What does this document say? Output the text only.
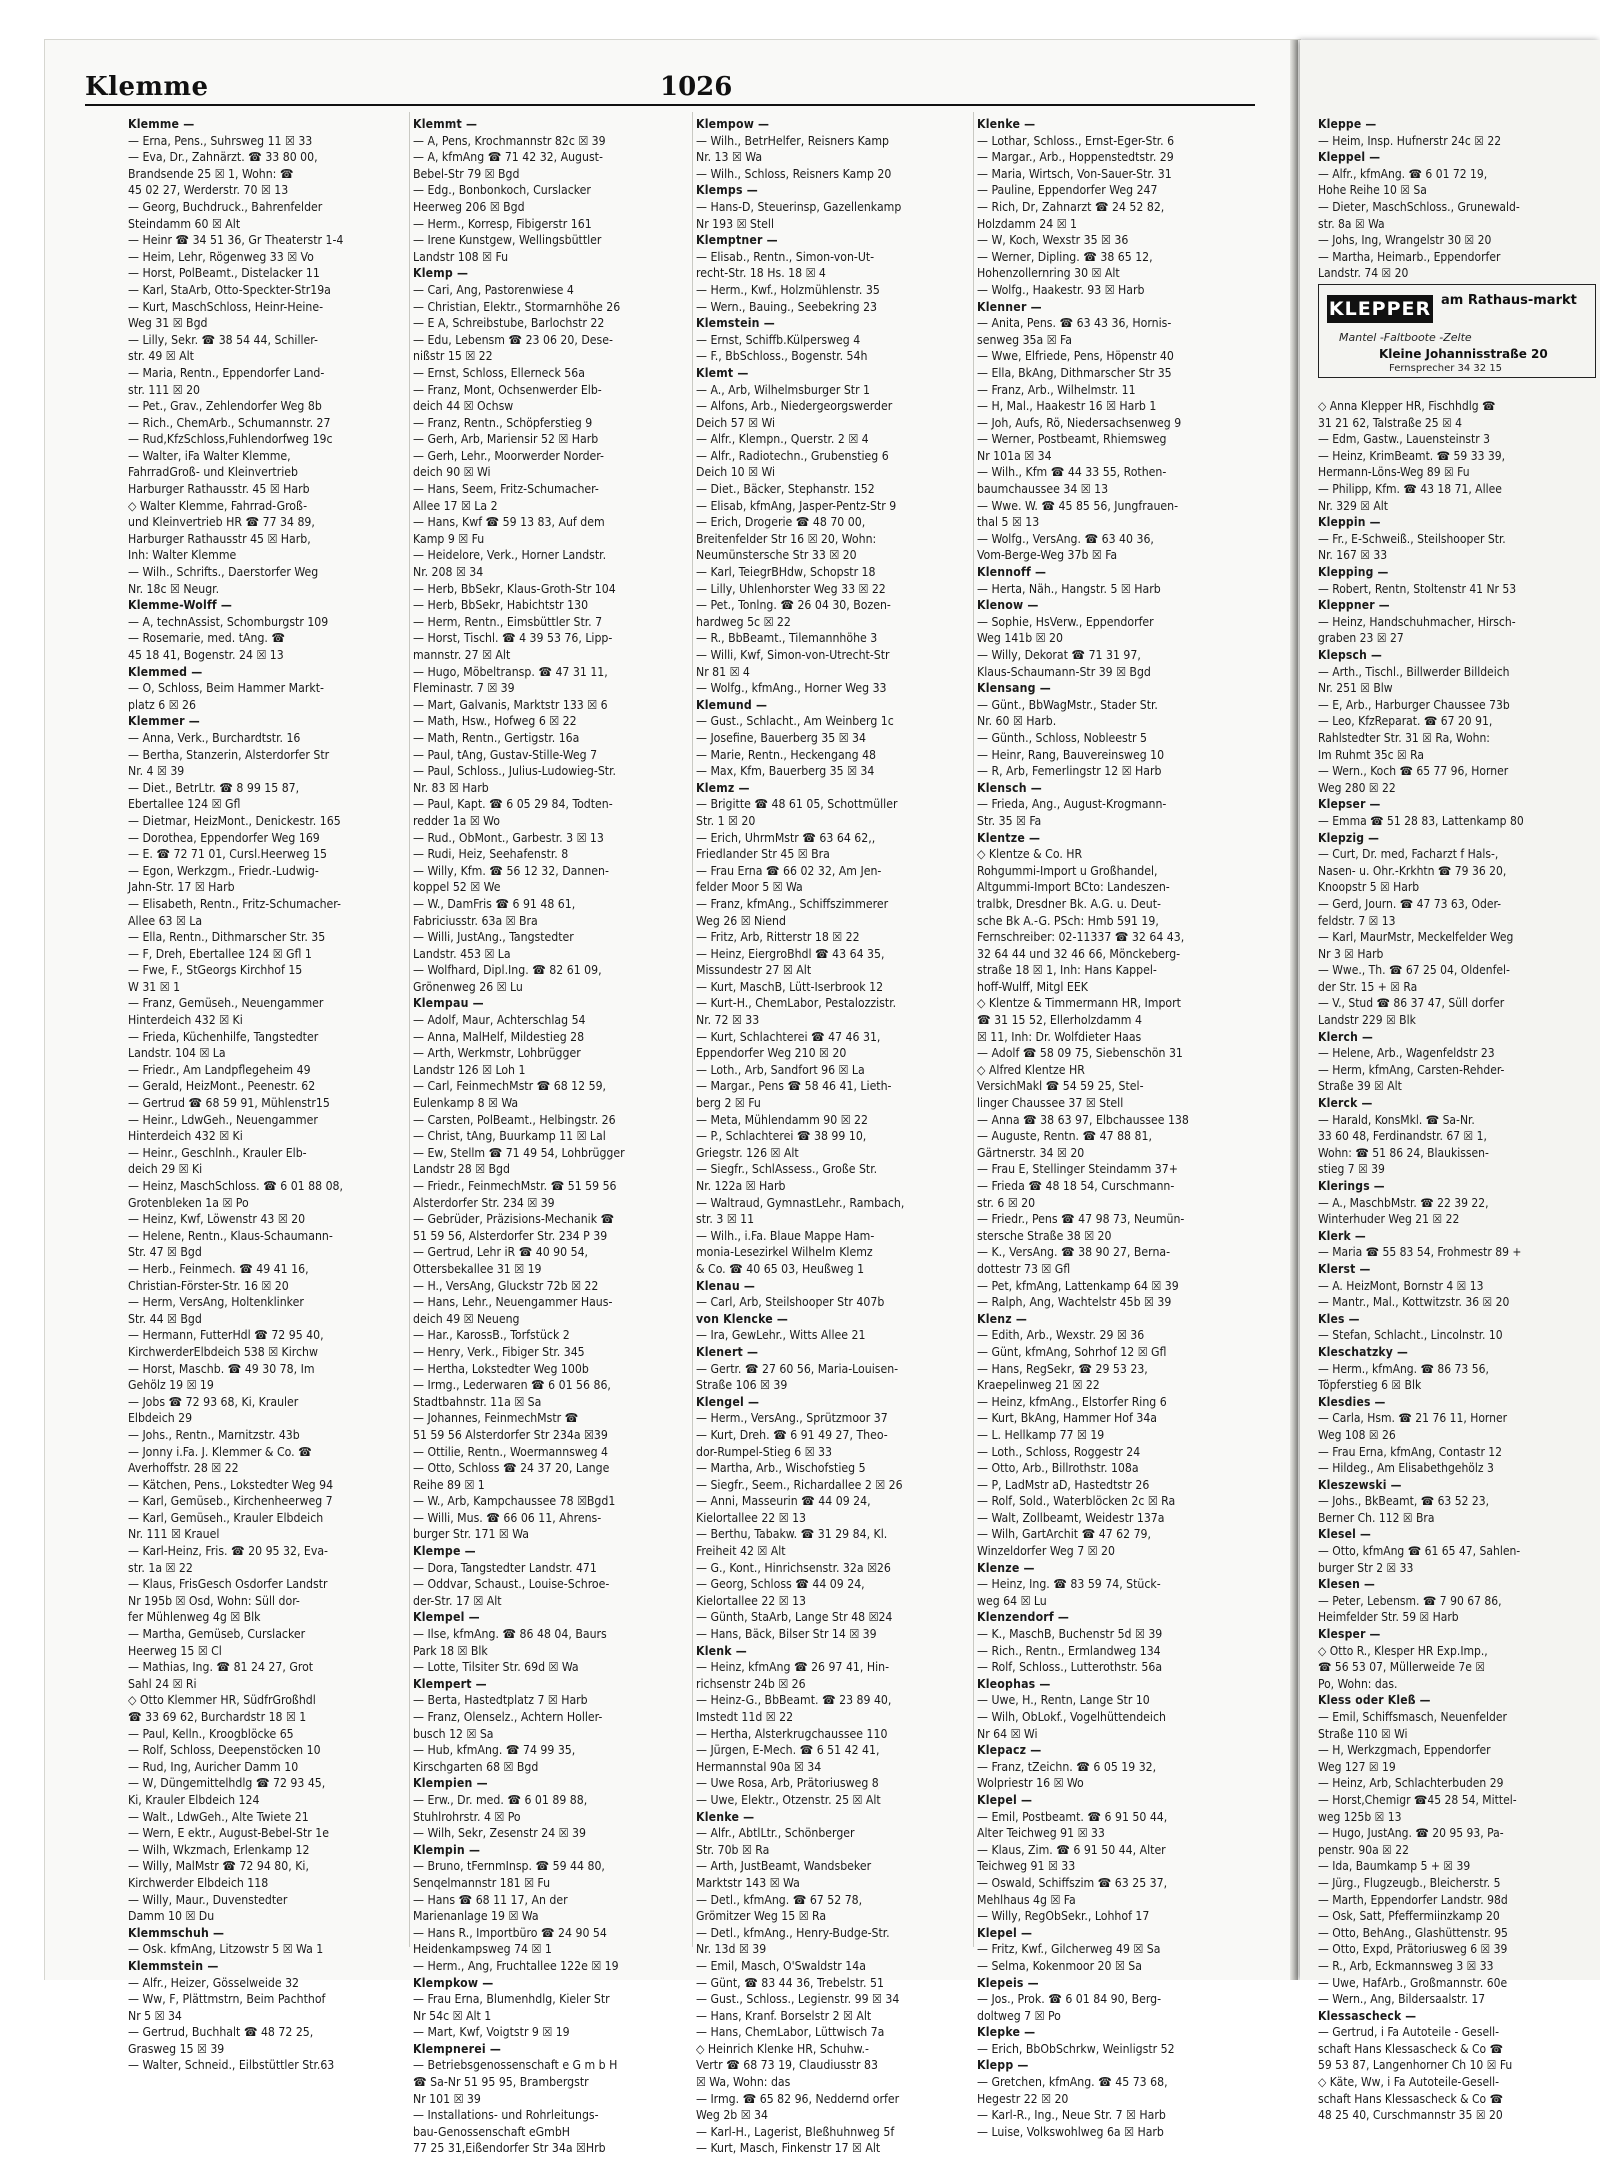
Klemme	1026
Klemme —
— Erna, Pens., Suhrsweg 11 ☒ 33
— Eva, Dr., Zahnärzt. ☎ 33 80 00,
Brandsende 25 ☒ 1, Wohn: ☎
45 02 27, Werderstr. 70 ☒ 13
— Georg, Buchdruck., Bahrenfelder
Steindamm 60 ☒ Alt
— Heinr ☎ 34 51 36, Gr Theaterstr 1-4
— Heim, Lehr, Rögenweg 33 ☒ Vo
— Horst, PolBeamt., Distelacker 11
— Karl, StaArb, Otto-Speckter-Str19a
— Kurt, MaschSchloss, Heinr-Heine-
Weg 31 ☒ Bgd
— Lilly, Sekr. ☎ 38 54 44, Schiller-
str. 49 ☒ Alt
— Maria, Rentn., Eppendorfer Land-
str. 111 ☒ 20
— Pet., Grav., Zehlendorfer Weg 8b
— Rich., ChemArb., Schumannstr. 27
— Rud,KfzSchloss,Fuhlendorfweg 19c
— Walter, iFa Walter Klemme,
FahrradGroß- und Kleinvertrieb
Harburger Rathausstr. 45 ☒ Harb
◇ Walter Klemme, Fahrrad-Groß-
und Kleinvertrieb HR ☎ 77 34 89,
Harburger Rathausstr 45 ☒ Harb,
Inh: Walter Klemme
— Wilh., Schrifts., Daerstorfer Weg
Nr. 18c ☒ Neugr.
Klemme-Wolff —
— A, technAssist, Schomburgstr 109
— Rosemarie, med. tAng. ☎
45 18 41, Bogenstr. 24 ☒ 13
Klemmed —
— O, Schloss, Beim Hammer Markt-
platz 6 ☒ 26
Klemmer —
— Anna, Verk., Burchardtstr. 16
— Bertha, Stanzerin, Alsterdorfer Str
Nr. 4 ☒ 39
— Diet., BetrLtr. ☎ 8 99 15 87,
Ebertallee 124 ☒ Gfl
— Dietmar, HeizMont., Denickestr. 165
— Dorothea, Eppendorfer Weg 169
— E. ☎ 72 71 01, Cursl.Heerweg 15
— Egon, Werkzgm., Friedr.-Ludwig-
Jahn-Str. 17 ☒ Harb
— Elisabeth, Rentn., Fritz-Schumacher-
Allee 63 ☒ La
— Ella, Rentn., Dithmarscher Str. 35
— F, Dreh, Ebertallee 124 ☒ Gfl 1
— Fwe, F., StGeorgs Kirchhof 15
W 31 ☒ 1
— Franz, Gemüseh., Neuengammer
Hinterdeich 432 ☒ Ki
— Frieda, Küchenhilfe, Tangstedter
Landstr. 104 ☒ La
— Friedr., Am Landpflegeheim 49
— Gerald, HeizMont., Peenestr. 62
— Gertrud ☎ 68 59 91, Mühlenstr15
— Heinr., LdwGeh., Neuengammer
Hinterdeich 432 ☒ Ki
— Heinr., Geschlnh., Krauler Elb-
deich 29 ☒ Ki
— Heinz, MaschSchloss. ☎ 6 01 88 08,
Grotenbleken 1a ☒ Po
— Heinz, Kwf, Löwenstr 43 ☒ 20
— Helene, Rentn., Klaus-Schaumann-
Str. 47 ☒ Bgd
— Herb., Feinmech. ☎ 49 41 16,
Christian-Förster-Str. 16 ☒ 20
— Herm, VersAng, Holtenklinker
Str. 44 ☒ Bgd
— Hermann, FutterHdl ☎ 72 95 40,
KirchwerderElbdeich 538 ☒ Kirchw
— Horst, Maschb. ☎ 49 30 78, Im
Gehölz 19 ☒ 19
— Jobs ☎ 72 93 68, Ki, Krauler
Elbdeich 29
— Johs., Rentn., Marnitzstr. 43b
— Jonny i.Fa. J. Klemmer & Co. ☎
Averhoffstr. 28 ☒ 22
— Kätchen, Pens., Lokstedter Weg 94
— Karl, Gemüseb., Kirchenheerweg 7
— Karl, Gemüseh., Krauler Elbdeich
Nr. 111 ☒ Krauel
— Karl-Heinz, Fris. ☎ 20 95 32, Eva-
str. 1a ☒ 22
— Klaus, FrisGesch Osdorfer Landstr
Nr 195b ☒ Osd, Wohn: Süll dor-
fer Mühlenweg 4g ☒ Blk
— Martha, Gemüseb, Curslacker
Heerweg 15 ☒ Cl
— Mathias, Ing. ☎ 81 24 27, Grot
Sahl 24 ☒ Ri
◇ Otto Klemmer HR, SüdfrGroßhdl
☎ 33 69 62, Burchardstr 18 ☒ 1
— Paul, Kelln., Kroogblöcke 65
— Rolf, Schloss, Deepenstöcken 10
— Rud, Ing, Auricher Damm 10
— W, Düngemittelhdlg ☎ 72 93 45,
Ki, Krauler Elbdeich 124
— Walt., LdwGeh., Alte Twiete 21
— Wern, E ektr., August-Bebel-Str 1e
— Wilh, Wkzmach, Erlenkamp 12
— Willy, MalMstr ☎ 72 94 80, Ki,
Kirchwerder Elbdeich 118
— Willy, Maur., Duvenstedter
Damm 10 ☒ Du
Klemmschuh —
— Osk. kfmAng, Litzowstr 5 ☒ Wa 1
Klemmstein —
— Alfr., Heizer, Gösselweide 32
— Ww, F, Plättmstrn, Beim Pachthof
Nr 5 ☒ 34
— Gertrud, Buchhalt ☎ 48 72 25,
Grasweg 15 ☒ 39
— Walter, Schneid., Eilbstüttler Str.63
Klemmt —
— A, Pens, Krochmannstr 82c ☒ 39
— A, kfmAng ☎ 71 42 32, August-
Bebel-Str 79 ☒ Bgd
— Edg., Bonbonkoch, Curslacker
Heerweg 206 ☒ Bgd
— Herm., Korresp, Fibigerstr 161
— Irene Kunstgew, Wellingsbüttler
Landstr 108 ☒ Fu
Klemp —
— Cari, Ang, Pastorenwiese 4
— Christian, Elektr., Stormarnhöhe 26
— E A, Schreibstube, Barlochstr 22
— Edu, Lebensm ☎ 23 06 20, Dese-
nißstr 15 ☒ 22
— Ernst, Schloss, Ellerneck 56a
— Franz, Mont, Ochsenwerder Elb-
deich 44 ☒ Ochsw
— Franz, Rentn., Schöpferstieg 9
— Gerh, Arb, Mariensir 52 ☒ Harb
— Gerh, Lehr., Moorwerder Norder-
deich 90 ☒ Wi
— Hans, Seem, Fritz-Schumacher-
Allee 17 ☒ La 2
— Hans, Kwf ☎ 59 13 83, Auf dem
Kamp 9 ☒ Fu
— Heidelore, Verk., Horner Landstr.
Nr. 208 ☒ 34
— Herb, BbSekr, Klaus-Groth-Str 104
— Herb, BbSekr, Habichtstr 130
— Herm, Rentn., Eimsbüttler Str. 7
— Horst, Tischl. ☎ 4 39 53 76, Lipp-
mannstr. 27 ☒ Alt
— Hugo, Möbeltransp. ☎ 47 31 11,
Fleminastr. 7 ☒ 39
— Mart, Galvanis, Marktstr 133 ☒ 6
— Math, Hsw., Hofweg 6 ☒ 22
— Math, Rentn., Gertigstr. 16a
— Paul, tAng, Gustav-Stille-Weg 7
— Paul, Schloss., Julius-Ludowieg-Str.
Nr. 83 ☒ Harb
— Paul, Kapt. ☎ 6 05 29 84, Todten-
redder 1a ☒ Wo
— Rud., ObMont., Garbestr. 3 ☒ 13
— Rudi, Heiz, Seehafenstr. 8
— Willy, Kfm. ☎ 56 12 32, Dannen-
koppel 52 ☒ We
— W., DamFris ☎ 6 91 48 61,
Fabriciusstr. 63a ☒ Bra
— Willi, JustAng., Tangstedter
Landstr. 453 ☒ La
— Wolfhard, Dipl.Ing. ☎ 82 61 09,
Grönenweg 26 ☒ Lu
Klempau —
— Adolf, Maur, Achterschlag 54
— Anna, MalHelf, Mildestieg 28
— Arth, Werkmstr, Lohbrügger
Landstr 126 ☒ Loh 1
— Carl, FeinmechMstr ☎ 68 12 59,
Eulenkamp 8 ☒ Wa
— Carsten, PolBeamt., Helbingstr. 26
— Christ, tAng, Buurkamp 11 ☒ Lal
— Ew, Stellm ☎ 71 49 54, Lohbrügger
Landstr 28 ☒ Bgd
— Friedr., FeinmechMstr. ☎ 51 59 56
Alsterdorfer Str. 234 ☒ 39
— Gebrüder, Präzisions-Mechanik ☎
51 59 56, Alsterdorfer Str. 234 P 39
— Gertrud, Lehr iR ☎ 40 90 54,
Ottersbekallee 31 ☒ 19
— H., VersAng, Gluckstr 72b ☒ 22
— Hans, Lehr., Neuengammer Haus-
deich 49 ☒ Neueng
— Har., KarossB., Torfstück 2
— Henry, Verk., Fibiger Str. 345
— Hertha, Lokstedter Weg 100b
— Irmg., Lederwaren ☎ 6 01 56 86,
Stadtbahnstr. 11a ☒ Sa
— Johannes, FeinmechMstr ☎
51 59 56 Alsterdorfer Str 234a ☒39
— Ottilie, Rentn., Woermannsweg 4
— Otto, Schloss ☎ 24 37 20, Lange
Reihe 89 ☒ 1
— W., Arb, Kampchaussee 78 ☒Bgd1
— Willi, Mus. ☎ 66 06 11, Ahrens-
burger Str. 171 ☒ Wa
Klempe —
— Dora, Tangstedter Landstr. 471
— Oddvar, Schaust., Louise-Schroe-
der-Str. 17 ☒ Alt
Klempel —
— Ilse, kfmAng. ☎ 86 48 04, Baurs
Park 18 ☒ Blk
— Lotte, Tilsiter Str. 69d ☒ Wa
Klempert —
— Berta, Hastedtplatz 7 ☒ Harb
— Franz, Olenselz., Achtern Holler-
busch 12 ☒ Sa
— Hub, kfmAng. ☎ 74 99 35,
Kirschgarten 68 ☒ Bgd
Klempien —
— Erw., Dr. med. ☎ 6 01 89 88,
Stuhlrohrstr. 4 ☒ Po
— Wilh, Sekr, Zesenstr 24 ☒ 39
Klempin —
— Bruno, tFernmInsp. ☎ 59 44 80,
Senqelmannstr 181 ☒ Fu
— Hans ☎ 68 11 17, An der
Marienanlage 19 ☒ Wa
— Hans R., Importbüro ☎ 24 90 54
Heidenkampsweg 74 ☒ 1
— Herm., Ang, Fruchtallee 122e ☒ 19
Klempkow —
— Frau Erna, Blumenhdlg, Kieler Str
Nr 54c ☒ Alt 1
— Mart, Kwf, Voigtstr 9 ☒ 19
Klempnerei —
— Betriebsgenossenschaft e G m b H
☎ Sa-Nr 51 95 95, Brambergstr
Nr 101 ☒ 39
— Installations- und Rohrleitungs-
bau-Genossenschaft eGmbH
77 25 31,Eißendorfer Str 34a ☒Hrb
Klempow —
— Wilh., BetrHelfer, Reisners Kamp
Nr. 13 ☒ Wa
— Wilh., Schloss, Reisners Kamp 20
Klemps —
— Hans-D, Steuerinsp, Gazellenkamp
Nr 193 ☒ Stell
Klemptner —
— Elisab., Rentn., Simon-von-Ut-
recht-Str. 18 Hs. 18 ☒ 4
— Herm., Kwf., Holzmühlenstr. 35
— Wern., Bauing., Seebekring 23
Klemstein —
— Ernst, Schiffb.Külpersweg 4
— F., BbSchloss., Bogenstr. 54h
Klemt —
— A., Arb, Wilhelmsburger Str 1
— Alfons, Arb., Niedergeorgswerder
Deich 57 ☒ Wi
— Alfr., Klempn., Querstr. 2 ☒ 4
— Alfr., Radiotechn., Grubenstieg 6
Deich 10 ☒ Wi
— Diet., Bäcker, Stephanstr. 152
— Elisab, kfmAng, Jasper-Pentz-Str 9
— Erich, Drogerie ☎ 48 70 00,
Breitenfelder Str 16 ☒ 20, Wohn:
Neumünstersche Str 33 ☒ 20
— Karl, TeiegrBHdw, Schopstr 18
— Lilly, Uhlenhorster Weg 33 ☒ 22
— Pet., Tonlng. ☎ 26 04 30, Bozen-
hardweg 5c ☒ 22
— R., BbBeamt., Tilemannhöhe 3
— Willi, Kwf, Simon-von-Utrecht-Str
Nr 81 ☒ 4
— Wolfg., kfmAng., Horner Weg 33
Klemund —
— Gust., Schlacht., Am Weinberg 1c
— Josefine, Bauerberg 35 ☒ 34
— Marie, Rentn., Heckengang 48
— Max, Kfm, Bauerberg 35 ☒ 34
Klemz —
— Brigitte ☎ 48 61 05, Schottmüller
Str. 1 ☒ 20
— Erich, UhrmMstr ☎ 63 64 62,,
Friedlander Str 45 ☒ Bra
— Frau Erna ☎ 66 02 32, Am Jen-
felder Moor 5 ☒ Wa
— Franz, kfmAng., Schiffszimmerer
Weg 26 ☒ Niend
— Fritz, Arb, Ritterstr 18 ☒ 22
— Heinz, EiergroBhdl ☎ 43 64 35,
Missundestr 27 ☒ Alt
— Kurt, MaschB, Lütt-Iserbrook 12
— Kurt-H., ChemLabor, Pestalozzistr.
Nr. 72 ☒ 33
— Kurt, Schlachterei ☎ 47 46 31,
Eppendorfer Weg 210 ☒ 20
— Loth., Arb, Sandfort 96 ☒ La
— Margar., Pens ☎ 58 46 41, Lieth-
berg 2 ☒ Fu
— Meta, Mühlendamm 90 ☒ 22
— P., Schlachterei ☎ 38 99 10,
Griegstr. 126 ☒ Alt
— Siegfr., SchlAssess., Große Str.
Nr. 122a ☒ Harb
— Waltraud, GymnastLehr., Rambach,
str. 3 ☒ 11
— Wilh., i.Fa. Blaue Mappe Ham-
monia-Lesezirkel Wilhelm Klemz
& Co. ☎ 40 65 03, Heußweg 1
Klenau —
— Carl, Arb, Steilshooper Str 407b
von Klencke —
— Ira, GewLehr., Witts Allee 21
Klenert —
— Gertr. ☎ 27 60 56, Maria-Louisen-
Straße 106 ☒ 39
Klengel —
— Herm., VersAng., Sprützmoor 37
— Kurt, Dreh. ☎ 6 91 49 27, Theo-
dor-Rumpel-Stieg 6 ☒ 33
— Martha, Arb., Wischofstieg 5
— Siegfr., Seem., Richardallee 2 ☒ 26
— Anni, Masseurin ☎ 44 09 24,
Kielortallee 22 ☒ 13
— Berthu, Tabakw. ☎ 31 29 84, Kl.
Freiheit 42 ☒ Alt
— G., Kont., Hinrichsenstr. 32a ☒26
— Georg, Schloss ☎ 44 09 24,
Kielortallee 22 ☒ 13
— Günth, StaArb, Lange Str 48 ☒24
— Hans, Bäck, Bilser Str 14 ☒ 39
Klenk —
— Heinz, kfmAng ☎ 26 97 41, Hin-
richsenstr 24b ☒ 26
— Heinz-G., BbBeamt. ☎ 23 89 40,
Imstedt 11d ☒ 22
— Hertha, Alsterkrugchaussee 110
— Jürgen, E-Mech. ☎ 6 51 42 41,
Hermannstal 90a ☒ 34
— Uwe Rosa, Arb, Prätoriusweg 8
— Uwe, Elektr., Otzenstr. 25 ☒ Alt
Klenke —
— Alfr., AbtlLtr., Schönberger
Str. 70b ☒ Ra
— Arth, JustBeamt, Wandsbeker
Marktstr 143 ☒ Wa
— Detl., kfmAng. ☎ 67 52 78,
Grömitzer Weg 15 ☒ Ra
— Detl., kfmAng., Henry-Budge-Str.
Nr. 13d ☒ 39
— Emil, Masch, O'Swaldstr 14a
— Günt, ☎ 83 44 36, Trebelstr. 51
— Gust., Schloss., Legienstr. 99 ☒ 34
— Hans, Kranf. Borselstr 2 ☒ Alt
— Hans, ChemLabor, Lüttwisch 7a
◇ Heinrich Klenke HR, Schuhw.-
Vertr ☎ 68 73 19, Claudiusstr 83
☒ Wa, Wohn: das
— Irmg. ☎ 65 82 96, Neddernd orfer
Weg 2b ☒ 34
— Karl-H., Lagerist, Bleßhuhnweg 5f
— Kurt, Masch, Finkenstr 17 ☒ Alt
Klenke —
— Lothar, Schloss., Ernst-Eger-Str. 6
— Margar., Arb., Hoppenstedtstr. 29
— Maria, Wirtsch, Von-Sauer-Str. 31
— Pauline, Eppendorfer Weg 247
— Rich, Dr, Zahnarzt ☎ 24 52 82,
Holzdamm 24 ☒ 1
— W, Koch, Wexstr 35 ☒ 36
— Werner, Dipling. ☎ 38 65 12,
Hohenzollernring 30 ☒ Alt
— Wolfg., Haakestr. 93 ☒ Harb
Klenner —
— Anita, Pens. ☎ 63 43 36, Hornis-
senweg 35a ☒ Fa
— Wwe, Elfriede, Pens, Höpenstr 40
— Ella, BkAng, Dithmarscher Str 35
— Franz, Arb., Wilhelmstr. 11
— H, Mal., Haakestr 16 ☒ Harb 1
— Joh, Aufs, Rö, Niedersachsenweg 9
— Werner, Postbeamt, Rhiemsweg
Nr 101a ☒ 34
— Wilh., Kfm ☎ 44 33 55, Rothen-
baumchaussee 34 ☒ 13
— Wwe. W. ☎ 45 85 56, Jungfrauen-
thal 5 ☒ 13
— Wolfg., VersAng. ☎ 63 40 36,
Vom-Berge-Weg 37b ☒ Fa
Klennoff —
— Herta, Näh., Hangstr. 5 ☒ Harb
Klenow —
— Sophie, HsVerw., Eppendorfer
Weg 141b ☒ 20
— Willy, Dekorat ☎ 71 31 97,
Klaus-Schaumann-Str 39 ☒ Bgd
Klensang —
— Günt., BbWagMstr., Stader Str.
Nr. 60 ☒ Harb.
— Günth., Schloss, Nobleestr 5
— Heinr, Rang, Bauvereinsweg 10
— R, Arb, Femerlingstr 12 ☒ Harb
Klensch —
— Frieda, Ang., August-Krogmann-
Str. 35 ☒ Fa
Klentze —
◇ Klentze & Co. HR
Rohgummi-Import u Großhandel,
Altgummi-Import BCto: Landeszen-
tralbk, Dresdner Bk. A.G. u. Deut-
sche Bk A.-G. PSch: Hmb 591 19,
Fernschreiber: 02-11337 ☎ 32 64 43,
32 64 44 und 32 46 66, Mönckeberg-
straße 18 ☒ 1, Inh: Hans Kappel-
hoff-Wulff, Mitgl EEK
◇ Klentze & Timmermann HR, Import
☎ 31 15 52, Ellerholzdamm 4
☒ 11, Inh: Dr. Wolfdieter Haas
— Adolf ☎ 58 09 75, Siebenschön 31
◇ Alfred Klentze HR
VersichMakl ☎ 54 59 25, Stel-
linger Chaussee 37 ☒ Stell
— Anna ☎ 38 63 97, Elbchaussee 138
— Auguste, Rentn. ☎ 47 88 81,
Gärtnerstr. 34 ☒ 20
— Frau E, Stellinger Steindamm 37+
— Frieda ☎ 48 18 54, Curschmann-
str. 6 ☒ 20
— Friedr., Pens ☎ 47 98 73, Neumün-
stersche Straße 38 ☒ 20
— K., VersAng. ☎ 38 90 27, Berna-
dottestr 73 ☒ Gfl
— Pet, kfmAng, Lattenkamp 64 ☒ 39
— Ralph, Ang, Wachtelstr 45b ☒ 39
Klenz —
— Edith, Arb., Wexstr. 29 ☒ 36
— Günt, kfmAng, Sohrhof 12 ☒ Gfl
— Hans, RegSekr, ☎ 29 53 23,
Kraepelinweg 21 ☒ 22
— Heinz, kfmAng., Elstorfer Ring 6
— Kurt, BkAng, Hammer Hof 34a
— L. Hellkamp 77 ☒ 19
— Loth., Schloss, Roggestr 24
— Otto, Arb., Billrothstr. 108a
— P, LadMstr aD, Hastedtstr 26
— Rolf, Sold., Waterblöcken 2c ☒ Ra
— Walt, Zollbeamt, Weidestr 137a
— Wilh, GartArchit ☎ 47 62 79,
Winzeldorfer Weg 7 ☒ 20
Klenze —
— Heinz, Ing. ☎ 83 59 74, Stück-
weg 64 ☒ Lu
Klenzendorf —
— K., MaschB, Buchenstr 5d ☒ 39
— Rich., Rentn., Ermlandweg 134
— Rolf, Schloss., Lutterothstr. 56a
Kleophas —
— Uwe, H., Rentn, Lange Str 10
— Wilh, ObLokf., Vogelhüttendeich
Nr 64 ☒ Wi
Klepacz —
— Franz, tZeichn. ☎ 6 05 19 32,
Wolpriestr 16 ☒ Wo
Klepel —
— Emil, Postbeamt. ☎ 6 91 50 44,
Alter Teichweg 91 ☒ 33
— Klaus, Zim. ☎ 6 91 50 44, Alter
Teichweg 91 ☒ 33
— Oswald, Schiffszim ☎ 63 25 37,
Mehlhaus 4g ☒ Fa
— Willy, RegObSekr., Lohhof 17
Klepel —
— Fritz, Kwf., Gilcherweg 49 ☒ Sa
— Selma, Kokenmoor 20 ☒ Sa
Klepeis —
— Jos., Prok. ☎ 6 01 84 90, Berg-
doltweg 7 ☒ Po
Klepke —
— Erich, BbObSchrkw, Weinligstr 52
Klepp —
— Gretchen, kfmAng. ☎ 45 73 68,
Hegestr 22 ☒ 20
— Karl-R., Ing., Neue Str. 7 ☒ Harb
— Luise, Volkswohlweg 6a ☒ Harb
Kleppe —
— Heim, Insp. Hufnerstr 24c ☒ 22
Kleppel —
— Alfr., kfmAng. ☎ 6 01 72 19,
Hohe Reihe 10 ☒ Sa
— Dieter, MaschSchloss., Grunewald-
str. 8a ☒ Wa
— Johs, Ing, Wrangelstr 30 ☒ 20
— Martha, Heimarb., Eppendorfer
Landstr. 74 ☒ 20

◇ Anna Klepper HR, Fischhdlg ☎
31 21 62, Talstraße 25 ☒ 4
— Edm, Gastw., Lauensteinstr 3
— Heinz, KrimBeamt. ☎ 59 33 39,
Hermann-Löns-Weg 89 ☒ Fu
— Philipp, Kfm. ☎ 43 18 71, Allee
Nr. 329 ☒ Alt
Kleppin —
— Fr., E-Schweiß., Steilshooper Str.
Nr. 167 ☒ 33
Klepping —
— Robert, Rentn, Stoltenstr 41 Nr 53
Kleppner —
— Heinz, Handschuhmacher, Hirsch-
graben 23 ☒ 27
Klepsch —
— Arth., Tischl., Billwerder Billdeich
Nr. 251 ☒ Blw
— E, Arb., Harburger Chaussee 73b
— Leo, KfzReparat. ☎ 67 20 91,
Rahlstedter Str. 31 ☒ Ra, Wohn:
Im Ruhmt 35c ☒ Ra
— Wern., Koch ☎ 65 77 96, Horner
Weg 280 ☒ 22
Klepser —
— Emma ☎ 51 28 83, Lattenkamp 80
Klepzig —
— Curt, Dr. med, Facharzt f Hals-,
Nasen- u. Ohr.-Krkhtn ☎ 79 36 20,
Knoopstr 5 ☒ Harb
— Gerd, Journ. ☎ 47 73 63, Oder-
feldstr. 7 ☒ 13
— Karl, MaurMstr, Meckelfelder Weg
Nr 3 ☒ Harb
— Wwe., Th. ☎ 67 25 04, Oldenfel-
der Str. 15 + ☒ Ra
— V., Stud ☎ 86 37 47, Süll dorfer
Landstr 229 ☒ Blk
Klerch —
— Helene, Arb., Wagenfeldstr 23
— Herm, kfmAng, Carsten-Rehder-
Straße 39 ☒ Alt
Klerck —
— Harald, KonsMkl. ☎ Sa-Nr.
33 60 48, Ferdinandstr. 67 ☒ 1,
Wohn: ☎ 51 86 24, Blaukissen-
stieg 7 ☒ 39
Klerings —
— A., MaschbMstr. ☎ 22 39 22,
Winterhuder Weg 21 ☒ 22
Klerk —
— Maria ☎ 55 83 54, Frohmestr 89 +
Klerst —
— A. HeizMont, Bornstr 4 ☒ 13
— Mantr., Mal., Kottwitzstr. 36 ☒ 20
Kles —
— Stefan, Schlacht., Lincolnstr. 10
Kleschatzky —
— Herm., kfmAng. ☎ 86 73 56,
Töpferstieg 6 ☒ Blk
Klesdies —
— Carla, Hsm. ☎ 21 76 11, Horner
Weg 108 ☒ 26
— Frau Erna, kfmAng, Contastr 12
— Hildeg., Am Elisabethgehölz 3
Kleszewski —
— Johs., BkBeamt, ☎ 63 52 23,
Berner Ch. 112 ☒ Bra
Klesel —
— Otto, kfmAng ☎ 61 65 47, Sahlen-
burger Str 2 ☒ 33
Klesen —
— Peter, Lebensm. ☎ 7 90 67 86,
Heimfelder Str. 59 ☒ Harb
Klesper —
◇ Otto R., Klesper HR Exp.Imp.,
☎ 56 53 07, Müllerweide 7e ☒
Po, Wohn: das.
Kless oder Kleß —
— Emil, Schiffsmasch, Neuenfelder
Straße 110 ☒ Wi
— H, Werkzgmach, Eppendorfer
Weg 127 ☒ 19
— Heinz, Arb, Schlachterbuden 29
— Horst,Chemigr ☎45 28 54, Mittel-
weg 125b ☒ 13
— Hugo, JustAng. ☎ 20 95 93, Pa-
penstr. 90a ☒ 22
— Ida, Baumkamp 5 + ☒ 39
— Jürg., Flugzeugb., Bleicherstr. 5
— Marth, Eppendorfer Landstr. 98d
— Osk, Satt, Pfeffermiinzkamp 20
— Otto, BehAng., Glashüttenstr. 95
— Otto, Expd, Prätoriusweg 6 ☒ 39
— R., Arb, Eckmannsweg 3 ☒ 33
— Uwe, HafArb., Großmannstr. 60e
— Wern., Ang, Bildersaalstr. 17
Klessascheck —
— Gertrud, i Fa Autoteile - Gesell-
schaft Hans Klessascheck & Co ☎
59 53 87, Langenhorner Ch 10 ☒ Fu
◇ Käte, Ww, i Fa Autoteile-Gesell-
schaft Hans Klessascheck & Co ☎
48 25 40, Curschmannstr 35 ☒ 20
KLEPPER am Rathaus-markt
Mantel -Faltboote -Zelte
Kleine Johannisstraße 20
Fernsprecher 34 32 15
